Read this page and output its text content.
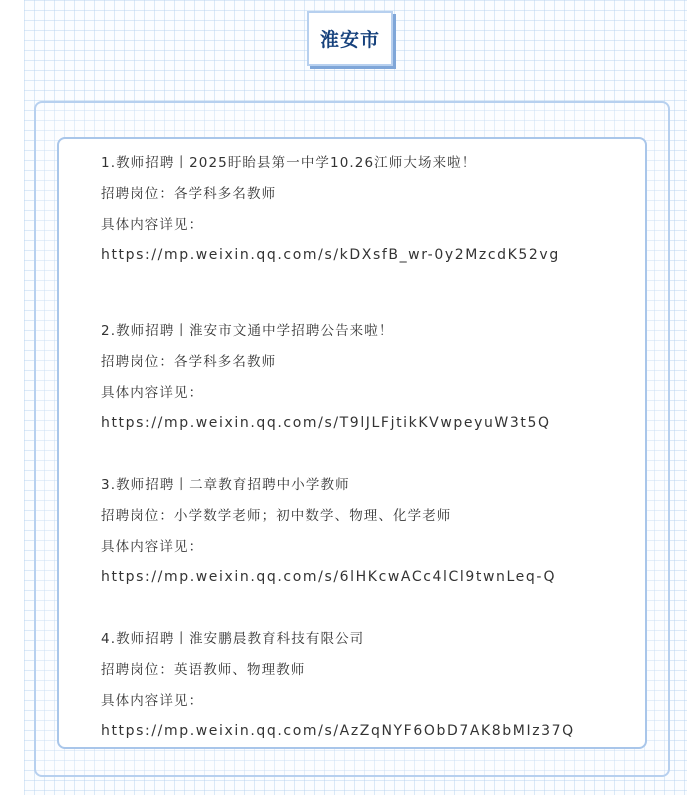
淮安市
1.教师招聘丨2025盱眙县第一中学10.26江师大场来啦！
招聘岗位：各学科多名教师
具体内容详见：
https://mp.weixin.qq.com/s/kDXsfB_wr-0y2MzcdK52vg
2.教师招聘丨淮安市文通中学招聘公告来啦！
招聘岗位：各学科多名教师
具体内容详见：
https://mp.weixin.qq.com/s/T9lJLFjtikKVwpeyuW3t5Q
3.教师招聘丨二章教育招聘中小学教师
招聘岗位：小学数学老师；初中数学、物理、化学老师
具体内容详见：
https://mp.weixin.qq.com/s/6lHKcwACc4lCl9twnLeq-Q
4.教师招聘丨淮安鹏晨教育科技有限公司
招聘岗位：英语教师、物理教师
具体内容详见：
https://mp.weixin.qq.com/s/AzZqNYF6ObD7AK8bMIz37Q
